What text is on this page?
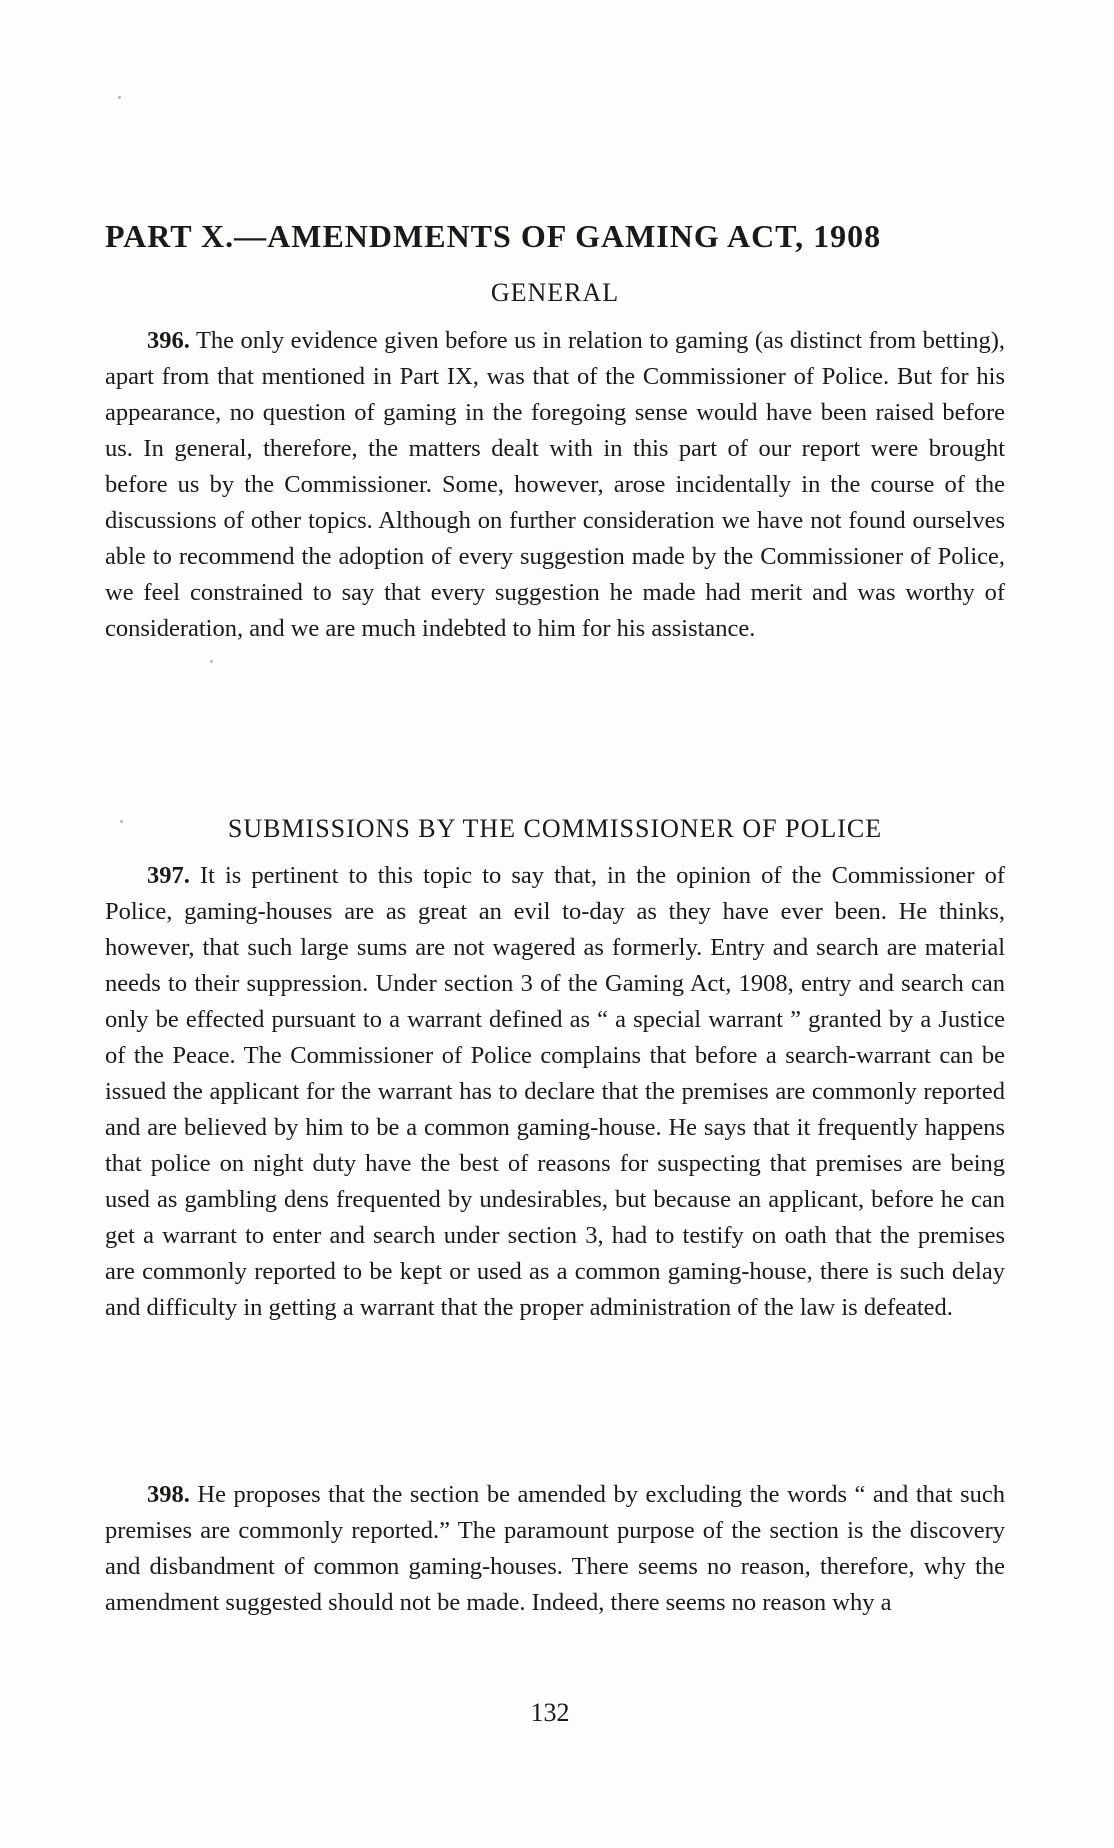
PART X.—AMENDMENTS OF GAMING ACT, 1908
GENERAL

396. The only evidence given before us in relation to gaming (as distinct from betting), apart from that mentioned in Part IX, was that of the Commissioner of Police. But for his appearance, no question of gaming in the foregoing sense would have been raised before us. In general, therefore, the matters dealt with in this part of our report were brought before us by the Commissioner. Some, however, arose incidentally in the course of the discussions of other topics. Although on further consideration we have not found ourselves able to recommend the adoption of every suggestion made by the Commissioner of Police, we feel constrained to say that every suggestion he made had merit and was worthy of consideration, and we are much indebted to him for his assistance.

SUBMISSIONS BY THE COMMISSIONER OF POLICE

397. It is pertinent to this topic to say that, in the opinion of the Commissioner of Police, gaming-houses are as great an evil to-day as they have ever been. He thinks, however, that such large sums are not wagered as formerly. Entry and search are material needs to their suppression. Under section 3 of the Gaming Act, 1908, entry and search can only be effected pursuant to a warrant defined as “ a special warrant ” granted by a Justice of the Peace. The Commissioner of Police complains that before a search-warrant can be issued the applicant for the warrant has to declare that the premises are commonly reported and are believed by him to be a common gaming-house. He says that it frequently happens that police on night duty have the best of reasons for suspecting that premises are being used as gambling dens frequented by undesirables, but because an applicant, before he can get a warrant to enter and search under section 3, had to testify on oath that the premises are commonly reported to be kept or used as a common gaming-house, there is such delay and difficulty in getting a warrant that the proper administration of the law is defeated.

398. He proposes that the section be amended by excluding the words “ and that such premises are commonly reported.” The paramount purpose of the section is the discovery and disbandment of common gaming-houses. There seems no reason, therefore, why the amendment suggested should not be made. Indeed, there seems no reason why a

132
